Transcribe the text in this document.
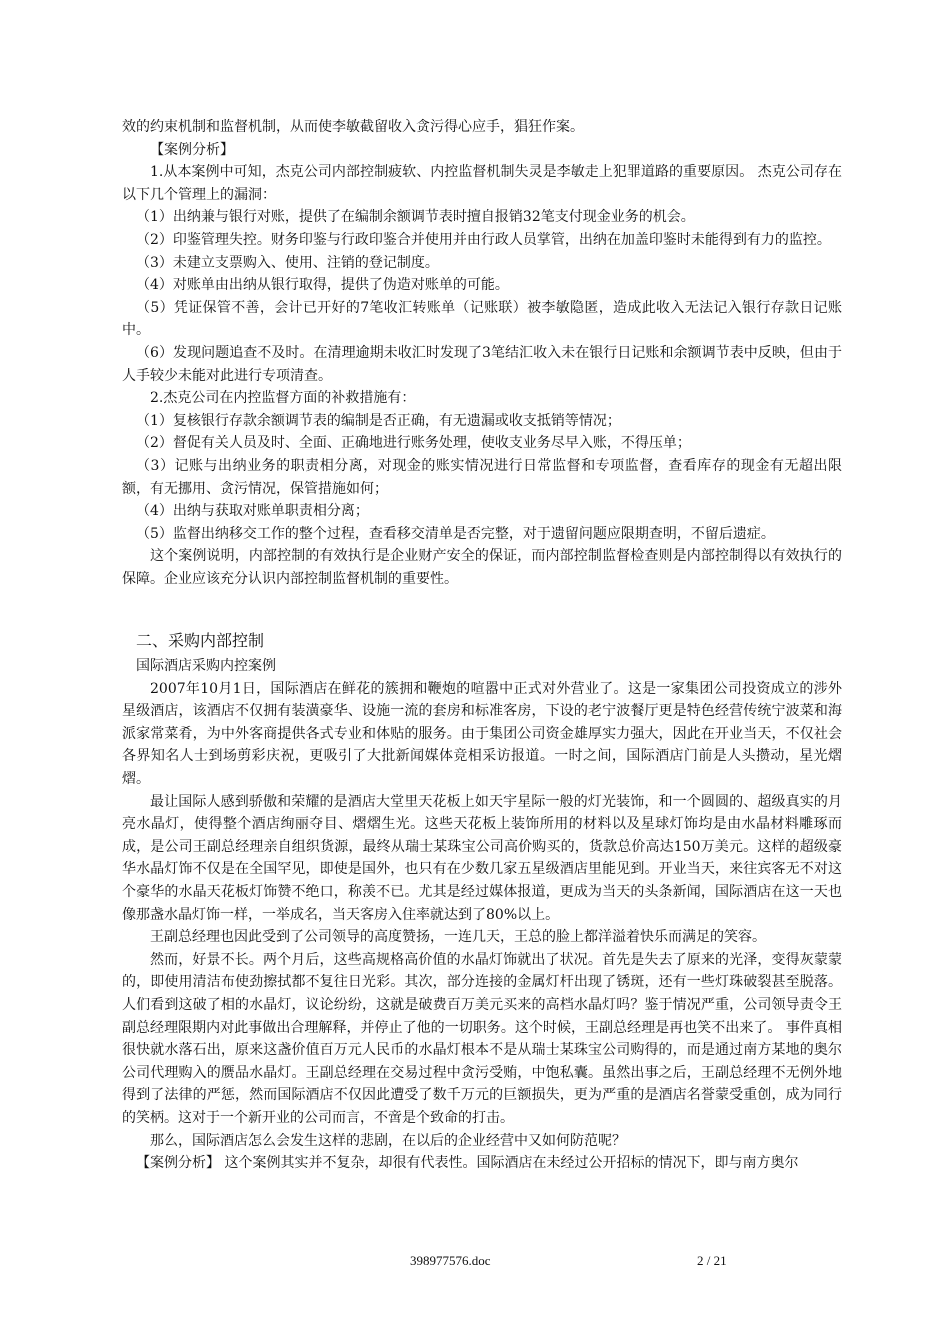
效的约束机制和监督机制，从而使李敏截留收入贪污得心应手，猖狂作案。

【案例分析】

1.从本案例中可知，杰克公司内部控制疲软、内控监督机制失灵是李敏走上犯罪道路的重要原因。 杰克公司存在以下几个管理上的漏洞：

（1）出纳兼与银行对账，提供了在编制余额调节表时擅自报销32笔支付现金业务的机会。

（2）印鉴管理失控。财务印鉴与行政印鉴合并使用并由行政人员掌管，出纳在加盖印鉴时未能得到有力的监控。

（3）未建立支票购入、使用、注销的登记制度。

（4）对账单由出纳从银行取得，提供了伪造对账单的可能。

（5）凭证保管不善，会计已开好的7笔收汇转账单（记账联）被李敏隐匿，造成此收入无法记入银行存款日记账中。

（6）发现问题追查不及时。在清理逾期未收汇时发现了3笔结汇收入未在银行日记账和余额调节表中反映，但由于人手较少未能对此进行专项清查。

2.杰克公司在内控监督方面的补救措施有：

（1）复核银行存款余额调节表的编制是否正确，有无遗漏或收支抵销等情况；

（2）督促有关人员及时、全面、正确地进行账务处理，使收支业务尽早入账，不得压单；

（3）记账与出纳业务的职责相分离，对现金的账实情况进行日常监督和专项监督，查看库存的现金有无超出限额，有无挪用、贪污情况，保管措施如何；

（4）出纳与获取对账单职责相分离；

（5）监督出纳移交工作的整个过程，查看移交清单是否完整，对于遗留问题应限期查明，不留后遗症。

这个案例说明，内部控制的有效执行是企业财产安全的保证，而内部控制监督检查则是内部控制得以有效执行的保障。企业应该充分认识内部控制监督机制的重要性。

二、采购内部控制

国际酒店采购内控案例

2007年10月1日，国际酒店在鲜花的簇拥和鞭炮的喧嚣中正式对外营业了。这是一家集团公司投资成立的涉外星级酒店，该酒店不仅拥有装潢豪华、设施一流的套房和标准客房，下设的老宁波餐厅更是特色经营传统宁波菜和海派家常菜肴，为中外客商提供各式专业和体贴的服务。由于集团公司资金雄厚实力强大，因此在开业当天，不仅社会各界知名人士到场剪彩庆祝，更吸引了大批新闻媒体竞相采访报道。一时之间，国际酒店门前是人头攒动，星光熠熠。

最让国际人感到骄傲和荣耀的是酒店大堂里天花板上如天宇星际一般的灯光装饰，和一个圆圆的、超级真实的月亮水晶灯，使得整个酒店绚丽夺目、熠熠生光。这些天花板上装饰所用的材料以及星球灯饰均是由水晶材料雕琢而成，是公司王副总经理亲自组织货源，最终从瑞士某珠宝公司高价购买的，货款总价高达150万美元。这样的超级豪华水晶灯饰不仅是在全国罕见，即使是国外，也只有在少数几家五星级酒店里能见到。开业当天，来往宾客无不对这个豪华的水晶天花板灯饰赞不绝口，称羡不已。尤其是经过媒体报道，更成为当天的头条新闻，国际酒店在这一天也像那盏水晶灯饰一样，一举成名，当天客房入住率就达到了80%以上。

王副总经理也因此受到了公司领导的高度赞扬，一连几天，王总的脸上都洋溢着快乐而满足的笑容。

然而，好景不长。两个月后，这些高规格高价值的水晶灯饰就出了状况。首先是失去了原来的光泽，变得灰蒙蒙的，即使用清洁布使劲擦拭都不复往日光彩。其次，部分连接的金属灯杆出现了锈斑，还有一些灯珠破裂甚至脱落。人们看到这破了相的水晶灯，议论纷纷，这就是破费百万美元买来的高档水晶灯吗？鉴于情况严重，公司领导责令王副总经理限期内对此事做出合理解释，并停止了他的一切职务。这个时候，王副总经理是再也笑不出来了。 事件真相很快就水落石出，原来这盏价值百万元人民币的水晶灯根本不是从瑞士某珠宝公司购得的，而是通过南方某地的奥尔公司代理购入的赝品水晶灯。王副总经理在交易过程中贪污受贿，中饱私囊。虽然出事之后，王副总经理不无例外地得到了法律的严惩，然而国际酒店不仅因此遭受了数千万元的巨额损失，更为严重的是酒店名誉蒙受重创，成为同行的笑柄。这对于一个新开业的公司而言，不啻是个致命的打击。

那么，国际酒店怎么会发生这样的悲剧，在以后的企业经营中又如何防范呢？

【案例分析】 这个案例其实并不复杂，却很有代表性。国际酒店在未经过公开招标的情况下，即与南方奥尔

398977576.doc	2 / 21
